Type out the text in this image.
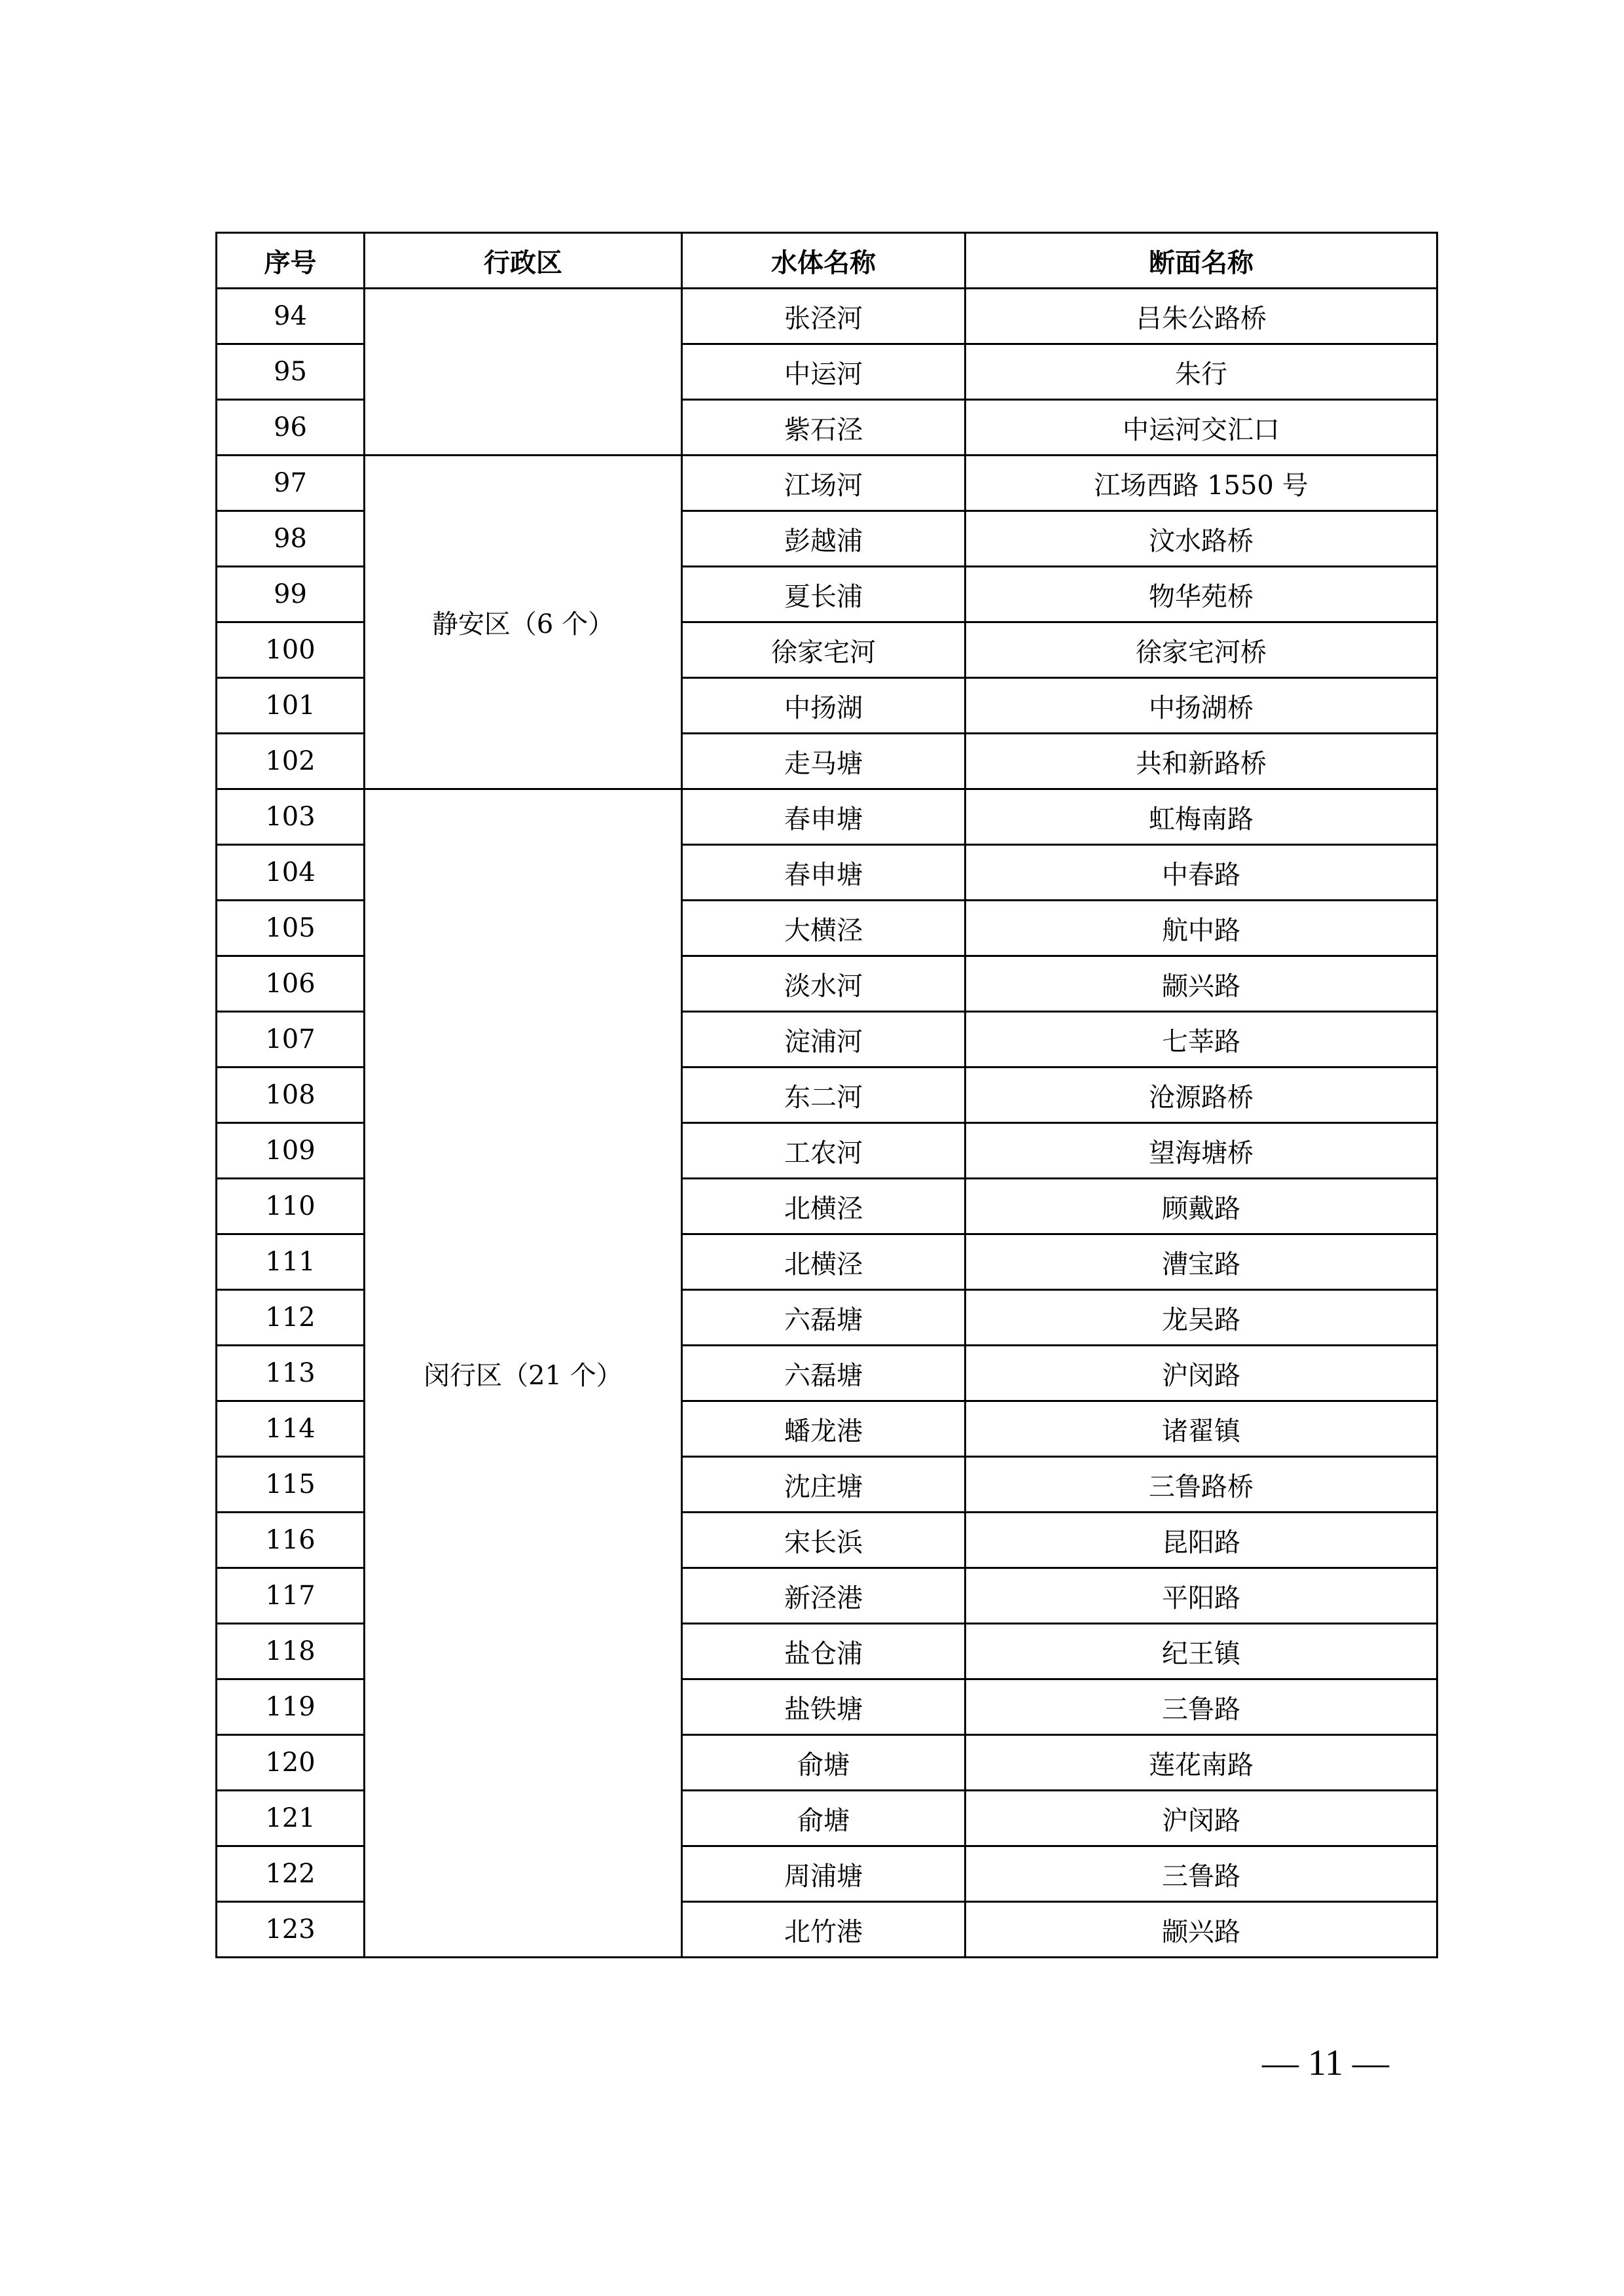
序号	行政区	水体名称	断面名称
94		张泾河	吕朱公路桥
95		中运河	朱行
96		紫石泾	中运河交汇口
97	静安区（6 个）	江场河	江场西路 1550 号
98		彭越浦	汶水路桥
99		夏长浦	物华苑桥
100		徐家宅河	徐家宅河桥
101		中扬湖	中扬湖桥
102		走马塘	共和新路桥
103	闵行区（21 个）	春申塘	虹梅南路
104		春申塘	中春路
105		大横泾	航中路
106		淡水河	颛兴路
107		淀浦河	七莘路
108		东二河	沧源路桥
109		工农河	望海塘桥
110		北横泾	顾戴路
111		北横泾	漕宝路
112		六磊塘	龙吴路
113		六磊塘	沪闵路
114		蟠龙港	诸翟镇
115		沈庄塘	三鲁路桥
116		宋长浜	昆阳路
117		新泾港	平阳路
118		盐仓浦	纪王镇
119		盐铁塘	三鲁路
120		俞塘	莲花南路
121		俞塘	沪闵路
122		周浦塘	三鲁路
123		北竹港	颛兴路
— 11 —
